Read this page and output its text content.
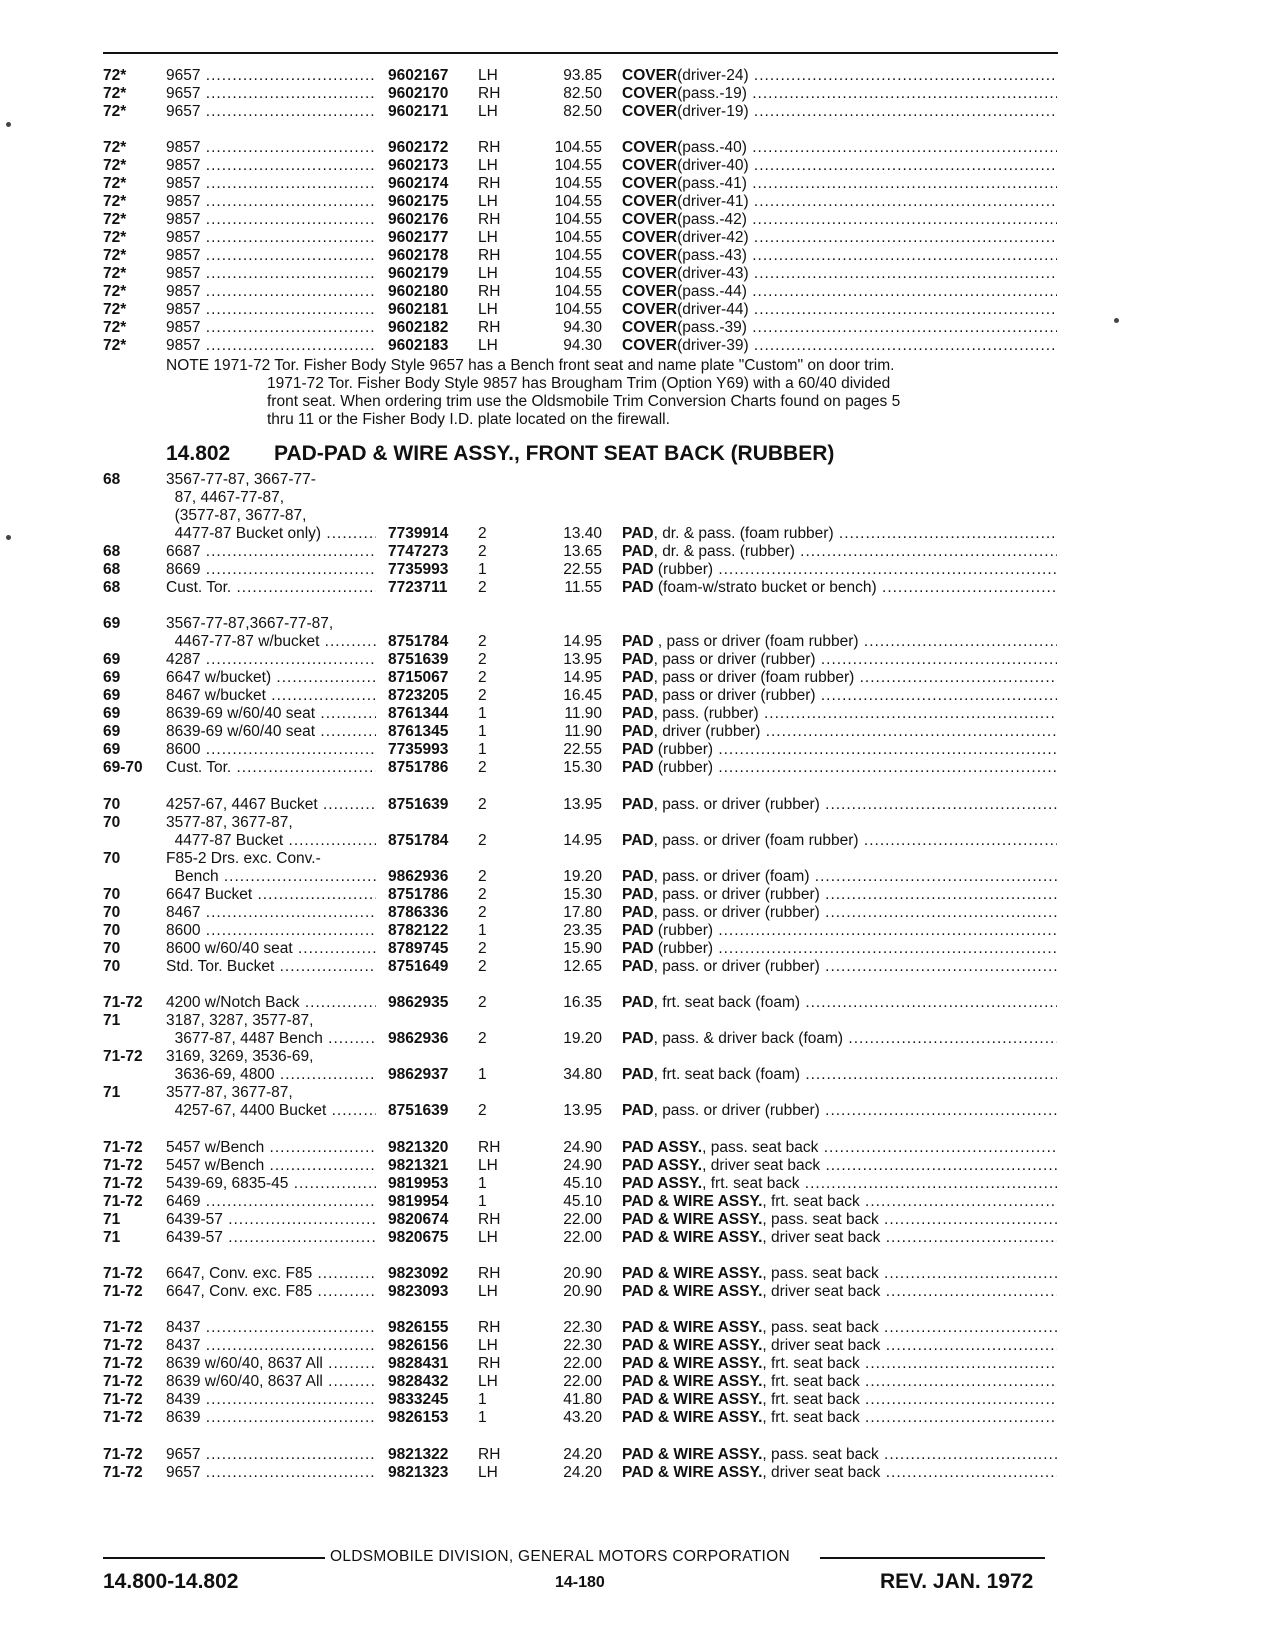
72*	9657 .....	9602167 LH	93.85 COVER(driver-24) .....
72*	9657 .....	9602170 RH	82.50 COVER(pass.-19) .....
72*	9657 .....	9602171 LH	82.50 COVER(driver-19) .....
72*	9857 .....	9602172 RH	104.55 COVER(pass.-40) .....
72*	9857 .....	9602173 LH	104.55 COVER(driver-40) .....
72*	9857 .....	9602174 RH	104.55 COVER(pass.-41) .....
72*	9857 .....	9602175 LH	104.55 COVER(driver-41) .....
72*	9857 .....	9602176 RH	104.55 COVER(pass.-42) .....
72*	9857 .....	9602177 LH	104.55 COVER(driver-42) .....
72*	9857 .....	9602178 RH	104.55 COVER(pass.-43) .....
72*	9857 .....	9602179 LH	104.55 COVER(driver-43) .....
72*	9857 .....	9602180 RH	104.55 COVER(pass.-44) .....
72*	9857 .....	9602181 LH	104.55 COVER(driver-44) .....
72*	9857 .....	9602182 RH	94.30 COVER(pass.-39) .....
72*	9857 .....	9602183 LH	94.30 COVER(driver-39) .....
68	3567-77-87, 3667-77-
87, 4467-77-87,
(3577-87, 3677-87,
4477-87 Bucket only) .....	7739914 2	13.40 PAD, dr. & pass. (foam rubber) .....
68	6687 .....	7747273 2	13.65 PAD, dr. & pass. (rubber) .....
68	8669 .....	7735993 1	22.55 PAD (rubber) .....
68	Cust. Tor. .....	7723711 2	11.55 PAD (foam-w/strato bucket or bench) .....
69	3567-77-87,3667-77-87,
4467-77-87 w/bucket .....	8751784 2	14.95 PAD , pass or driver (foam rubber) .....
69	4287 .....	8751639 2	13.95 PAD, pass or driver (rubber) .....
69	6647 w/bucket) .....	8715067 2	14.95 PAD, pass or driver (foam rubber) .....
69	8467 w/bucket .....	8723205 2	16.45 PAD, pass or driver (rubber) .....
69	8639-69 w/60/40 seat .....	8761344 1	11.90 PAD, pass. (rubber) .....
69	8639-69 w/60/40 seat .....	8761345 1	11.90 PAD, driver (rubber) .....
69	8600 .....	7735993 1	22.55 PAD (rubber) .....
69-70 Cust. Tor. .....	8751786 2	15.30 PAD (rubber) .....
70	4257-67, 4467 Bucket .....	8751639 2	13.95 PAD, pass. or driver (rubber) .....
70	3577-87, 3677-87,
4477-87 Bucket .....	8751784 2	14.95 PAD, pass. or driver (foam rubber) .....
70	F85-2 Drs. exc. Conv.-
Bench .....	9862936 2	19.20 PAD, pass. or driver (foam) .....
70	6647 Bucket .....	8751786 2	15.30 PAD, pass. or driver (rubber) .....
70	8467 .....	8786336 2	17.80 PAD, pass. or driver (rubber) .....
70	8600 .....	8782122 1	23.35 PAD (rubber) .....
70	8600 w/60/40 seat .....	8789745 2	15.90 PAD (rubber) .....
70	Std. Tor. Bucket .....	8751649 2	12.65 PAD, pass. or driver (rubber) .....
71-72 4200 w/Notch Back .....	9862935 2	16.35 PAD, frt. seat back (foam) .....
71	3187, 3287, 3577-87,
3677-87, 4487 Bench .....	9862936 2	19.20 PAD, pass. & driver back (foam) .....
71-72 3169, 3269, 3536-69,
3636-69, 4800 .....	9862937 1	34.80 PAD, frt. seat back (foam) .....
71	3577-87, 3677-87,
4257-67, 4400 Bucket .....	8751639 2	13.95 PAD, pass. or driver (rubber) .....
71-72 5457 w/Bench .....	9821320 RH	24.90 PAD ASSY., pass. seat back .....
71-72 5457 w/Bench .....	9821321 LH	24.90 PAD ASSY., driver seat back .....
71-72 5439-69, 6835-45 .....	9819953 1	45.10 PAD ASSY., frt. seat back .....
71-72 6469 .....	9819954 1	45.10 PAD & WIRE ASSY., frt. seat back .....
71	6439-57 .....	9820674 RH	22.00 PAD & WIRE ASSY., pass. seat back .....
71	6439-57 .....	9820675 LH	22.00 PAD & WIRE ASSY., driver seat back .....
71-72 6647, Conv. exc. F85 .....	9823092 RH	20.90 PAD & WIRE ASSY., pass. seat back .....
71-72 6647, Conv. exc. F85 .....	9823093 LH	20.90 PAD & WIRE ASSY., driver seat back .....
71-72 8437 .....	9826155 RH	22.30 PAD & WIRE ASSY., pass. seat back .....
71-72 8437 .....	9826156 LH	22.30 PAD & WIRE ASSY., driver seat back .....
71-72 8639 w/60/40, 8637 All .....	9828431 RH	22.00 PAD & WIRE ASSY., frt. seat back .....
71-72 8639 w/60/40, 8637 All .....	9828432 LH	22.00 PAD & WIRE ASSY., frt. seat back .....
71-72 8439 .....	9833245 1	41.80 PAD & WIRE ASSY., frt. seat back .....
71-72 8639 .....	9826153 1	43.20 PAD & WIRE ASSY., frt. seat back .....
71-72 9657 .....	9821322 RH	24.20 PAD & WIRE ASSY., pass. seat back .....
71-72 9657 .....	9821323 LH	24.20 PAD & WIRE ASSY., driver seat back .....
NOTE 1971-72 Tor. Fisher Body Style 9657 has a Bench front seat and name plate "Custom" on door trim.
1971-72 Tor. Fisher Body Style 9857 has Brougham Trim (Option Y69) with a 60/40 divided
front seat. When ordering trim use the Oldsmobile Trim Conversion Charts found on pages 5
thru 11 or the Fisher Body I.D. plate located on the firewall.
14.802 PAD-PAD & WIRE ASSY., FRONT SEAT BACK (RUBBER)
OLDSMOBILE DIVISION, GENERAL MOTORS CORPORATION
14.800-14.802	14-180	REV. JAN. 1972
